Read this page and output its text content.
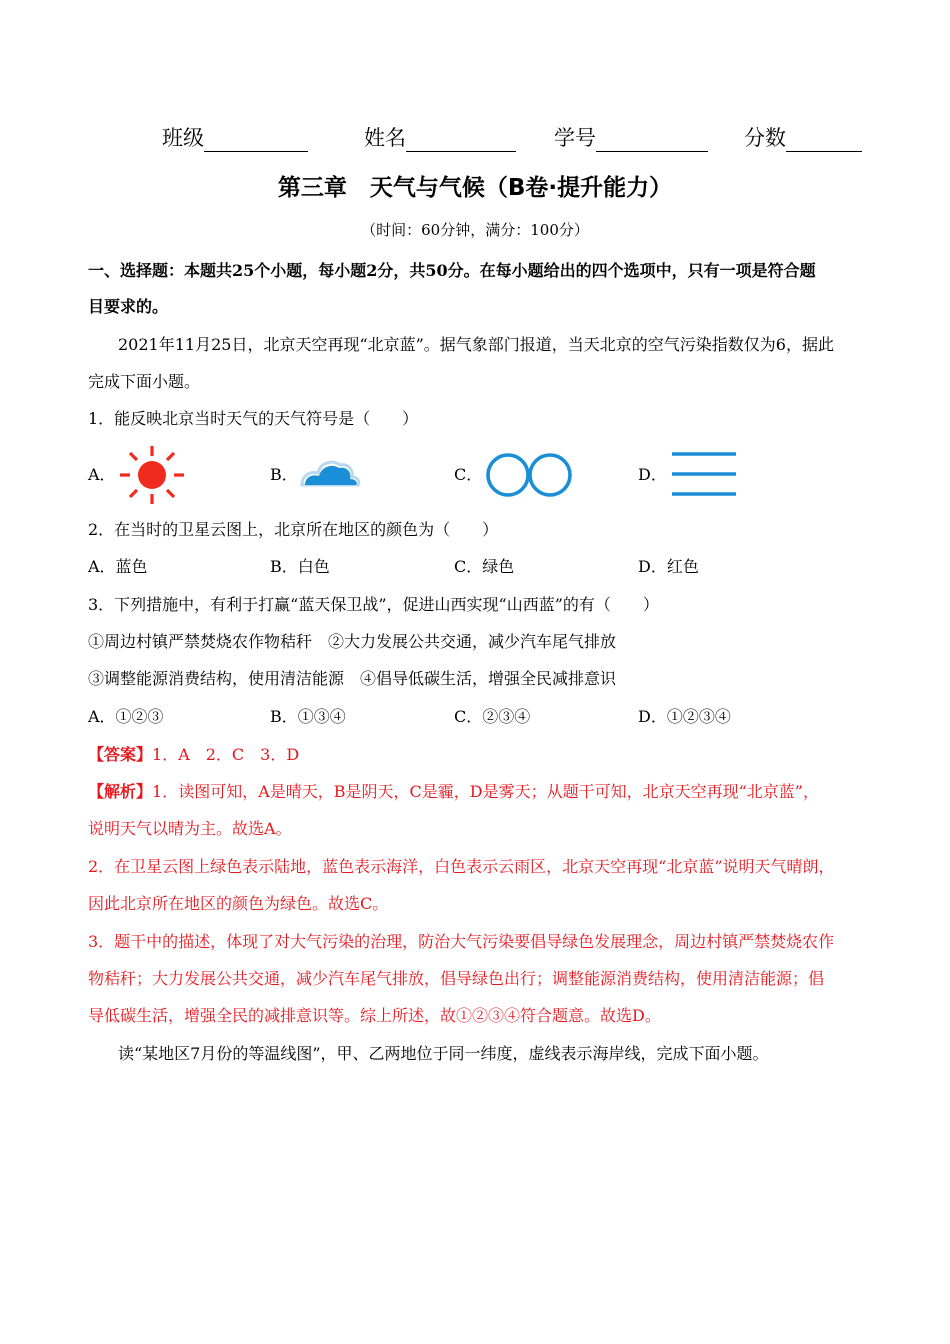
班级	姓名	学号	分数
第三章　天气与气候（B卷·提升能力）
（时间：60分钟，满分：100分）
一、选择题：本题共25个小题，每小题2分，共50分。在每小题给出的四个选项中，只有一项是符合题
目要求的。
2021年11月25日，北京天空再现“北京蓝”。据气象部门报道，当天北京的空气污染指数仅为6，据此
完成下面小题。
1．能反映北京当时天气的天气符号是（　　）
A．	B．	C．	D．
2．在当时的卫星云图上，北京所在地区的颜色为（　　）
A．蓝色	B．白色	C．绿色	D．红色
3．下列措施中，有利于打赢“蓝天保卫战”，促进山西实现“山西蓝”的有（　　）
①周边村镇严禁焚烧农作物秸秆　②大力发展公共交通，减少汽车尾气排放
③调整能源消费结构，使用清洁能源　④倡导低碳生活，增强全民减排意识
A．①②③	B．①③④	C．②③④	D．①②③④
【答案】1．A　2．C　3．D
【解析】1．读图可知，A是晴天，B是阴天，C是霾，D是雾天；从题干可知，北京天空再现“北京蓝”，
说明天气以晴为主。故选A。
2．在卫星云图上绿色表示陆地，蓝色表示海洋，白色表示云雨区，北京天空再现“北京蓝”说明天气晴朗，
因此北京所在地区的颜色为绿色。故选C。
3．题干中的描述，体现了对大气污染的治理，防治大气污染要倡导绿色发展理念，周边村镇严禁焚烧农作
物秸秆；大力发展公共交通，减少汽车尾气排放，倡导绿色出行；调整能源消费结构，使用清洁能源；倡
导低碳生活，增强全民的减排意识等。综上所述，故①②③④符合题意。故选D。
读“某地区7月份的等温线图”，甲、乙两地位于同一纬度，虚线表示海岸线，完成下面小题。
